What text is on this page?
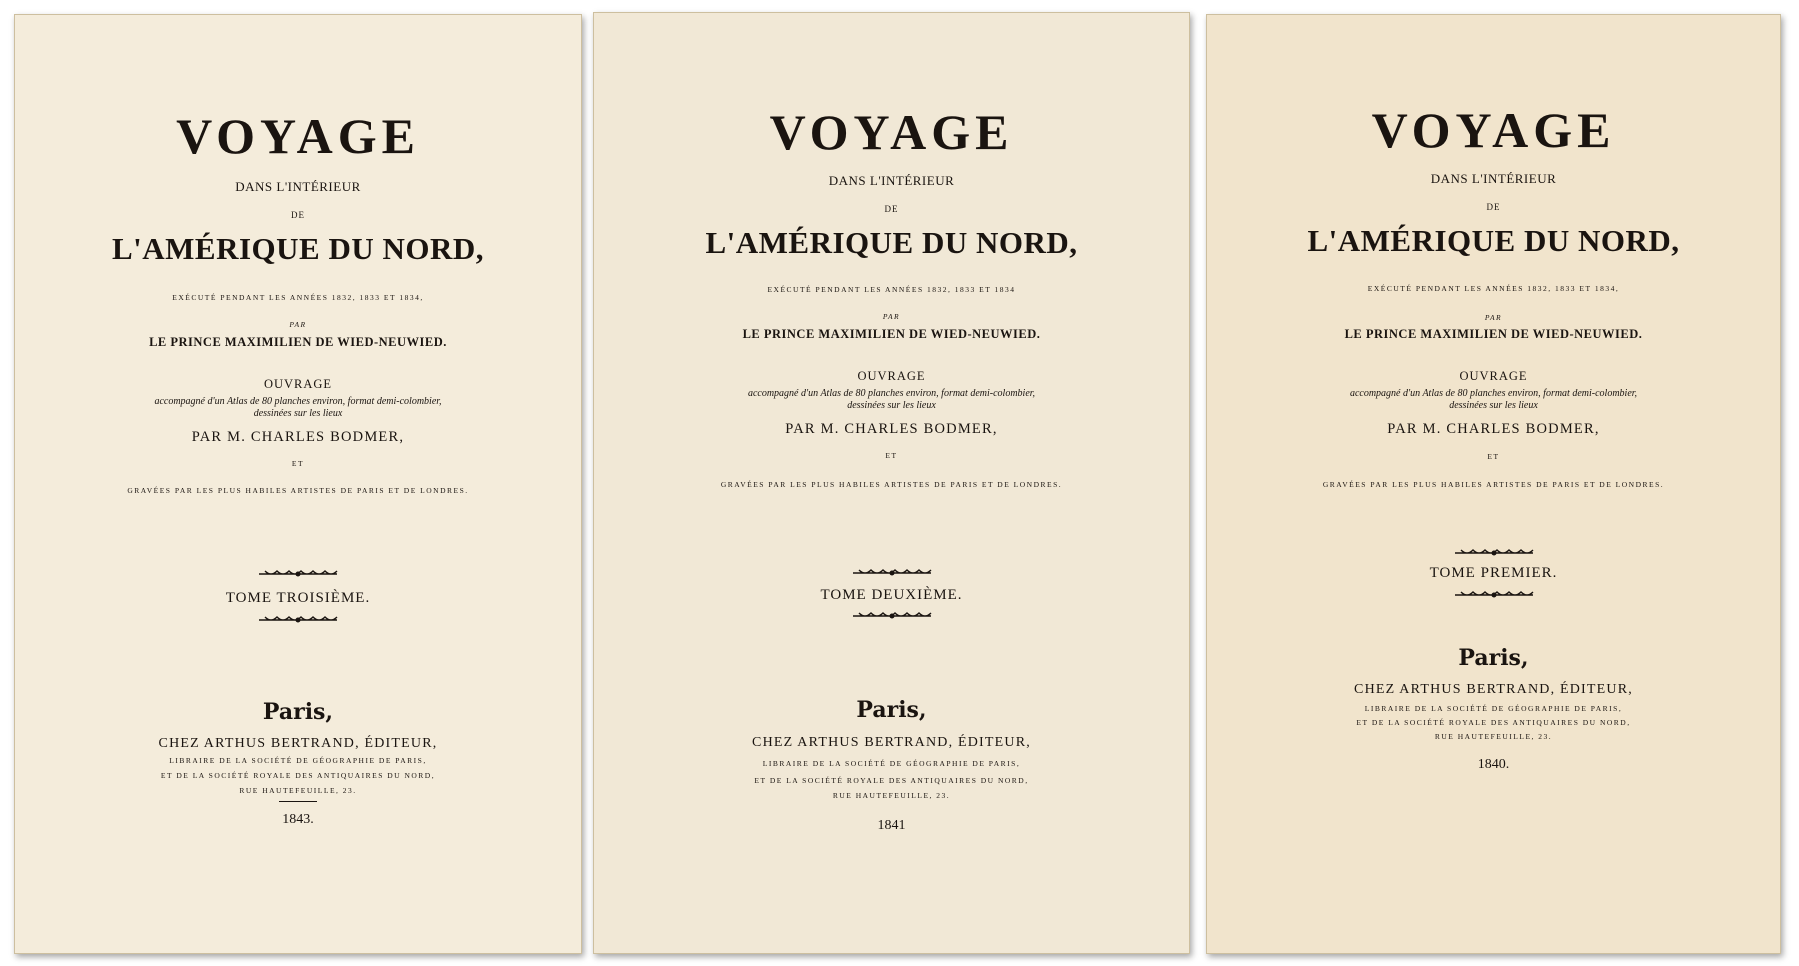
VOYAGE
DANS L'INTÉRIEUR
DE
L'AMÉRIQUE DU NORD,
EXÉCUTÉ PENDANT LES ANNÉES 1832, 1833 ET 1834,
PAR
LE PRINCE MAXIMILIEN DE WIED-NEUWIED.
OUVRAGE
accompagné d'un Atlas de 80 planches environ, format demi-colombier,
dessinées sur les lieux
PAR M. CHARLES BODMER,
ET
GRAVÉES PAR LES PLUS HABILES ARTISTES DE PARIS ET DE LONDRES.
TOME TROISIÈME.
Paris,
CHEZ ARTHUS BERTRAND, ÉDITEUR,
LIBRAIRE DE LA SOCIÉTÉ DE GÉOGRAPHIE DE PARIS,
ET DE LA SOCIÉTÉ ROYALE DES ANTIQUAIRES DU NORD,
RUE HAUTEFEUILLE, 23.
1843.
VOYAGE
DANS L'INTÉRIEUR
DE
L'AMÉRIQUE DU NORD,
EXÉCUTÉ PENDANT LES ANNÉES 1832, 1833 ET 1834
PAR
LE PRINCE MAXIMILIEN DE WIED-NEUWIED.
OUVRAGE
accompagné d'un Atlas de 80 planches environ, format demi-colombier,
dessinées sur les lieux
PAR M. CHARLES BODMER,
ET
GRAVÉES PAR LES PLUS HABILES ARTISTES DE PARIS ET DE LONDRES.
TOME DEUXIÈME.
Paris,
CHEZ ARTHUS BERTRAND, ÉDITEUR,
LIBRAIRE DE LA SOCIÉTÉ DE GÉOGRAPHIE DE PARIS,
ET DE LA SOCIÉTÉ ROYALE DES ANTIQUAIRES DU NORD,
RUE HAUTEFEUILLE, 23.
1841
VOYAGE
DANS L'INTÉRIEUR
DE
L'AMÉRIQUE DU NORD,
EXÉCUTÉ PENDANT LES ANNÉES 1832, 1833 ET 1834,
PAR
LE PRINCE MAXIMILIEN DE WIED-NEUWIED.
OUVRAGE
accompagné d'un Atlas de 80 planches environ, format demi-colombier,
dessinées sur les lieux
PAR M. CHARLES BODMER,
ET
GRAVÉES PAR LES PLUS HABILES ARTISTES DE PARIS ET DE LONDRES.
TOME PREMIER.
Paris,
CHEZ ARTHUS BERTRAND, ÉDITEUR,
LIBRAIRE DE LA SOCIÉTÉ DE GÉOGRAPHIE DE PARIS,
ET DE LA SOCIÉTÉ ROYALE DES ANTIQUAIRES DU NORD,
RUE HAUTEFEUILLE, 23.
1840.
